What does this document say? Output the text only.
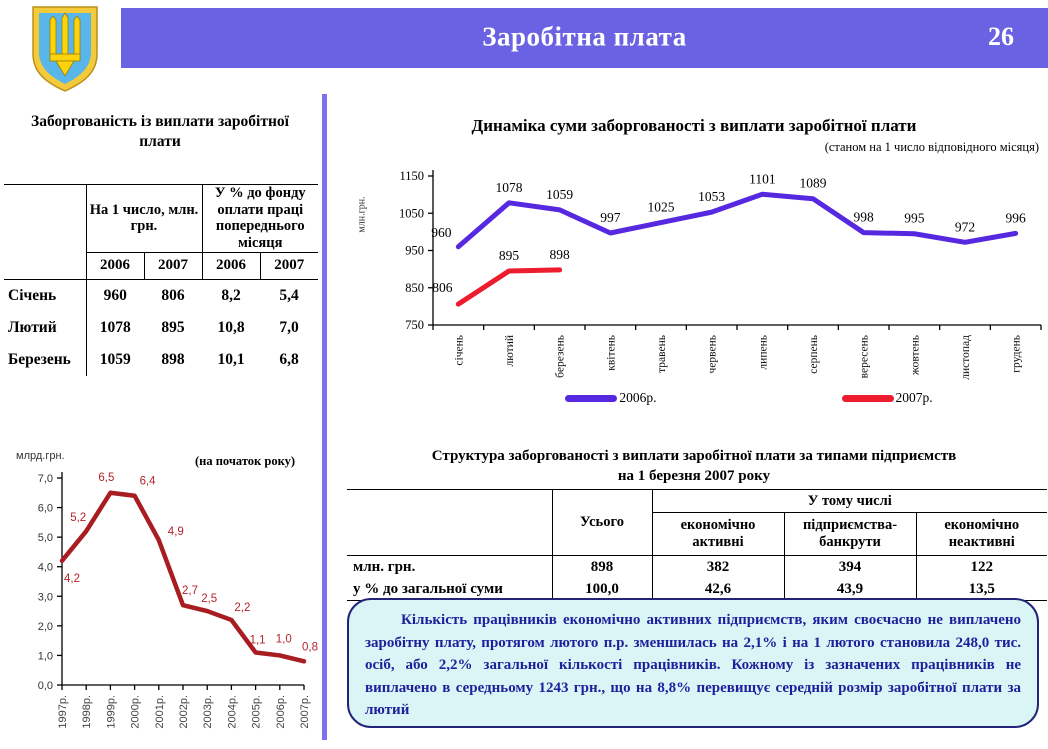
Заробітна плата	26
Заборгованість із виплати заробітної плати
	На 1 число, млн. грн.		У % до фонду оплати праці попереднього місяця	
	2006	2007	2006	2007
Січень	960	806	8,2	5,4
Лютий	1078	895	10,8	7,0
Березень	1059	898	10,1	6,8
млрд.грн.	(на початок року)
0,0
1,0
2,0
3,0
4,0
5,0
6,0
7,0
1997р. 1998р. 1999р. 2000р. 2001р. 2002р. 2003р. 2004р. 2005р. 2006р. 2007р.
4,2
5,2
6,5 6,4
4,9
2,7
2,5
2,2
1,1 1,0
0,8
Динаміка суми заборгованості з виплати заробітної плати
(станом на 1 число відповідного місяця)
млн.грн.
750
850
950
1050
1150
січень	лютий	березень	квітень	травень	червень	липень	серпень	вересень	жовтень	листопад	грудень
960
1078 1059
997
1025
1053
1101 1089
998 995
972
996
806
895 898
2006р.	2007р.
Структура заборгованості з виплати заробітної плати за типами підприємств
на 1 березня 2007 року
	Усього	У тому числі		
		економічно активні	підприємства-банкрути	економічно неактивні
млн. грн.	898	382	394	122
у % до загальної суми	100,0	42,6	43,9	13,5

Кількість працівників економічно активних підприємств, яким своєчасно не виплачено заробітну плату, протягом лютого п.р. зменшилась на 2,1% і на 1 лютого становила 248,0 тис. осіб, або 2,2% загальної кількості працівників. Кожному із зазначених працівників не виплачено в середньому 1243 грн., що на 8,8% перевищує середній розмір заробітної плати за лютий
